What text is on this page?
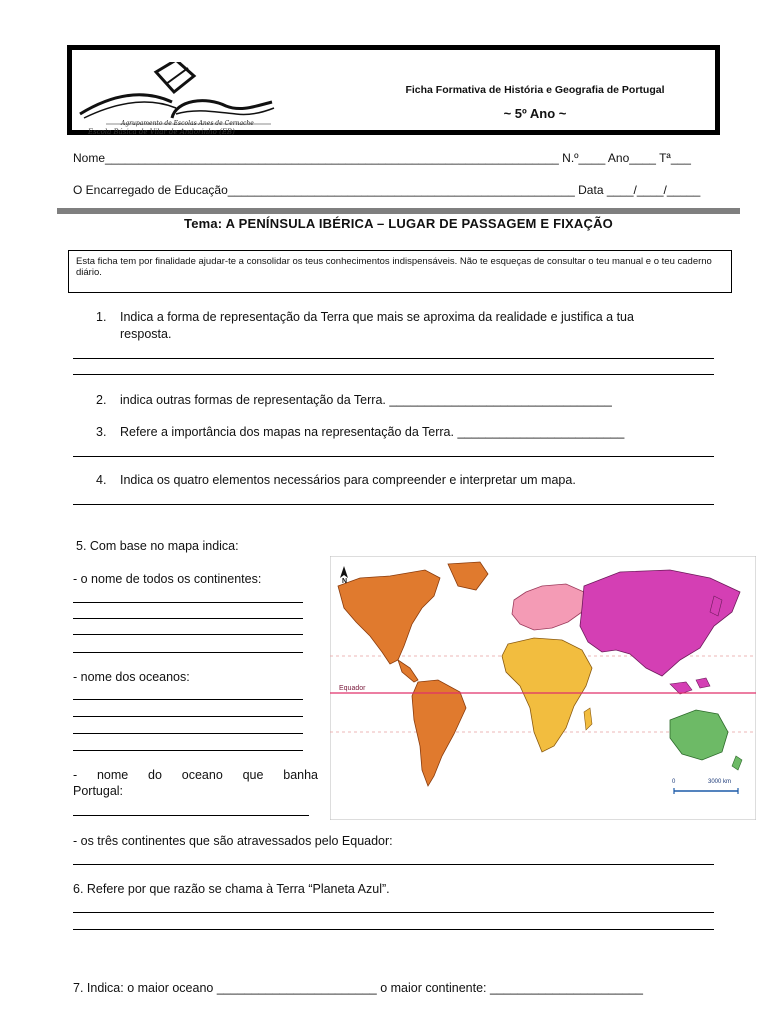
Agrupamento de Escolas Anes de Cernache
Escola Básica de Vilar de Andorinho (EB)
Ficha Formativa de História e Geografia de Portugal
~ 5º Ano ~
Nome____________________________________________________________________ N.º____ Ano____ Tª___
O Encarregado de Educação____________________________________________________ Data ____/____/_____
Tema: A PENÍNSULA IBÉRICA – LUGAR DE PASSAGEM E FIXAÇÃO
Esta ficha tem por finalidade ajudar-te a consolidar os teus conhecimentos indispensáveis. Não te esqueças de consultar o teu manual e o teu caderno diário.
1. Indica a forma de representação da Terra que mais se aproxima da realidade e justifica a tua
resposta.
2. indica outras formas de representação da Terra. ________________________________
3. Refere a importância dos mapas na representação da Terra. ________________________
4. Indica os quatro elementos necessários para compreender e interpretar um mapa.
5. Com base no mapa indica:
- o nome de todos os continentes:
- nome dos oceanos:
- nome do oceano que banha
Portugal:
N
Equador
0	3000 km
- os três continentes que são atravessados pelo Equador:
6. Refere por que razão se chama à Terra “Planeta Azul”.
7. Indica: o maior oceano _______________________ o maior continente: ______________________
